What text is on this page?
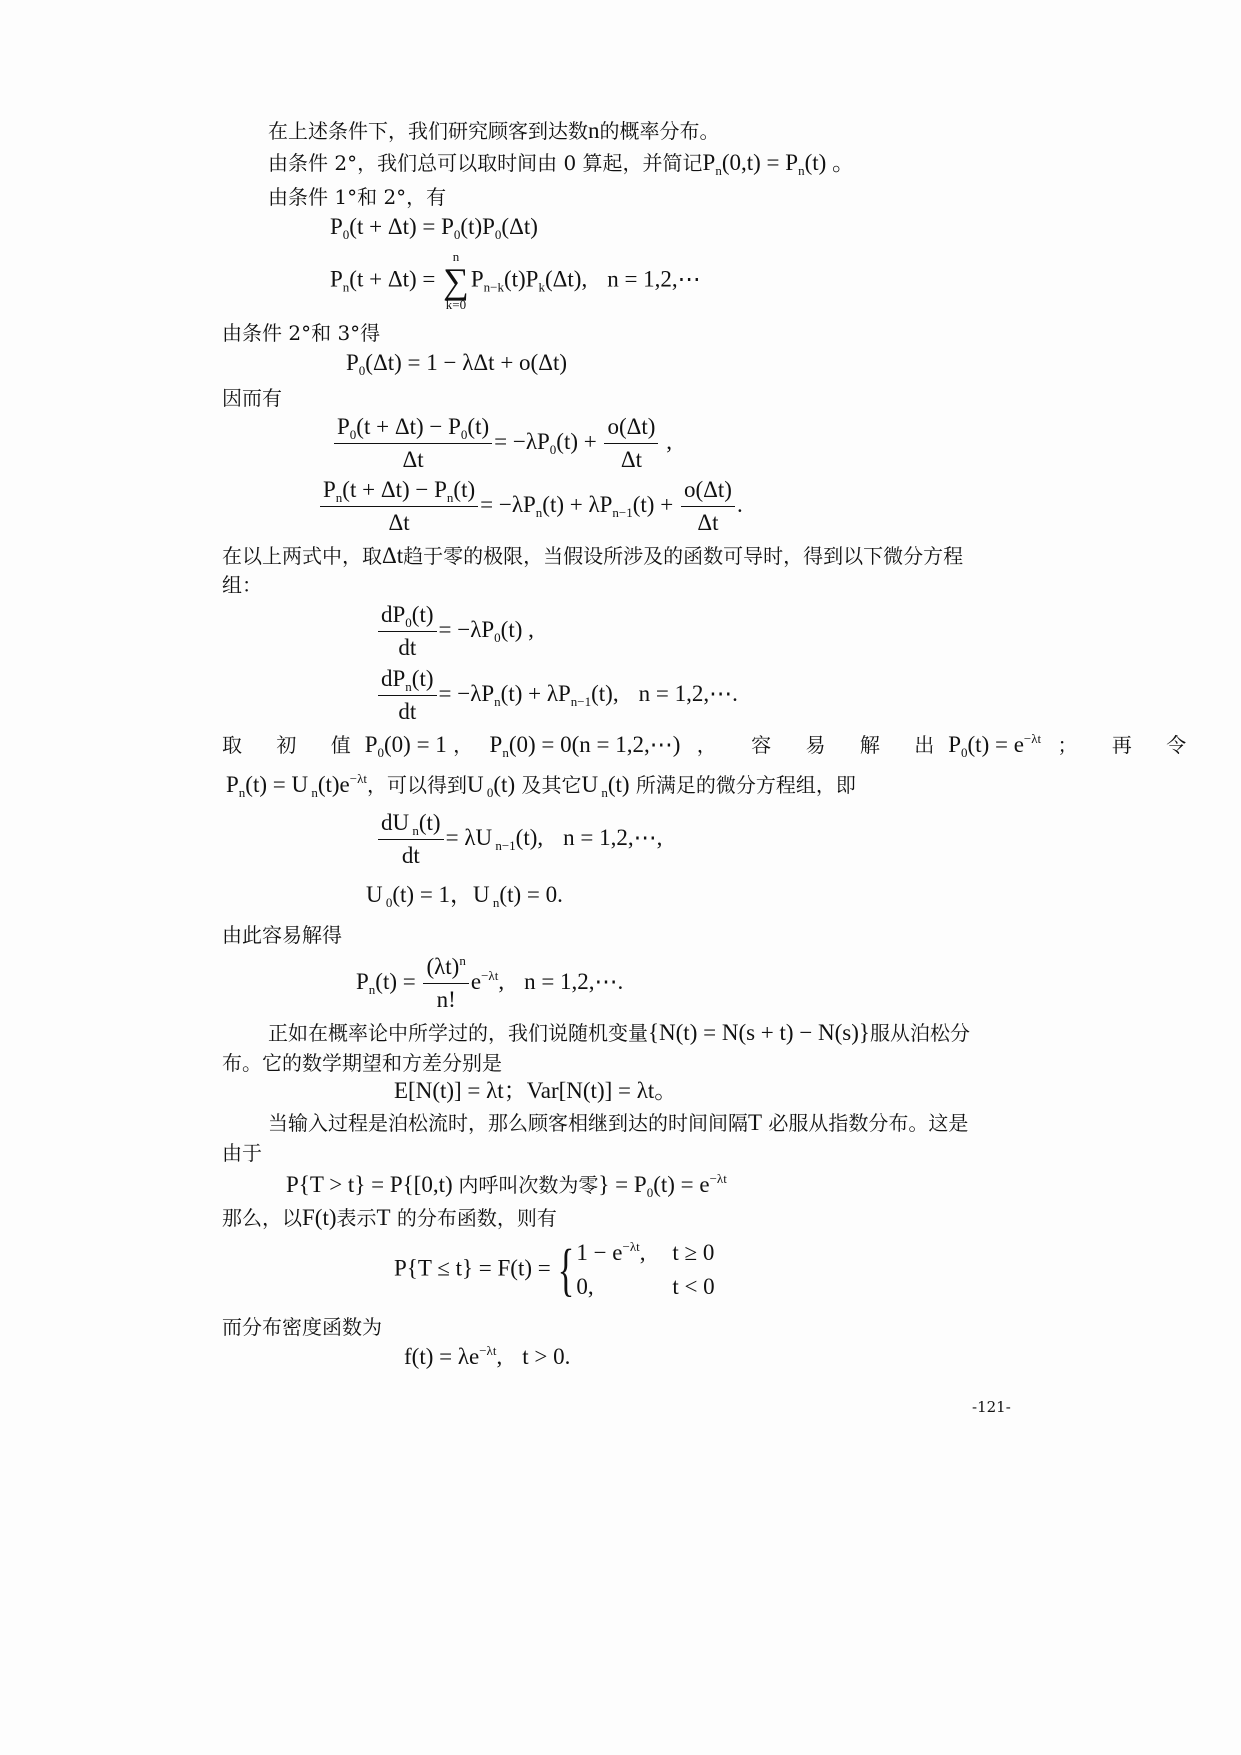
在上述条件下，我们研究顾客到达数n的概率分布。
由条件 2°，我们总可以取时间由 0 算起，并简记$P_n(0,t) = P_n(t)$ 。
由条件 1°和 2°，有
$P_0(t + \Delta t) = P_0(t)P_0(\Delta t)$
$P_n(t + \Delta t)$ =
n
∑
k=0
$P_{n-k}(t)P_k(\Delta t)$, n = 1,2,⋯
由条件 2°和 3°得
$P_0(\Delta t) = 1 - \lambda\Delta t + o(\Delta t)$
因而有
$\frac{P_0(t + \Delta t) - P_0(t)}{\Delta t} = -\lambda P_0(t) + \frac{o(\Delta t)}{\Delta t}$ ,
$\frac{P_n(t + \Delta t) - P_n(t)}{\Delta t} = -\lambda P_n(t) + \lambda P_{n-1}(t) + \frac{o(\Delta t)}{\Delta t}$ .
在以上两式中，取Δt趋于零的极限，当假设所涉及的函数可导时，得到以下微分方程
组：
$\frac{dP_0(t)}{dt} = -\lambda P_0(t)$ ,
$\frac{dP_n(t)}{dt} = -\lambda P_n(t) + \lambda P_{n-1}(t)$, n = 1,2,⋯.
取 初 值$P_0(0) = 1$ ， $P_n(0) = 0(n$ = 1,2,⋯) ， 容 易 解 出$P_0(t) = e^{-\lambda t}$ ； 再 令
$P_n(t) = U$ $_n(t)e^{-\lambda t}$，可以得到U $_0$(t) 及其它U $_n$(t) 所满足的微分方程组，即
$\frac{dU _n(t)}{dt} = \lambda U$ $_{n-1}$(t), n = 1,2,⋯,
U $_0$(t) = 1，U $_n$(t) = 0.
由此容易解得
$P_n(t) = \frac{(\lambda t)^n}{n!} e^{-\lambda t}$, n = 1,2,⋯.
正如在概率论中所学过的，我们说随机变量{N(t) = N(s + t) − N(s)}服从泊松分
布。它的数学期望和方差分别是
E[N(t)] = λt；Var[N(t)] = λt。
当输入过程是泊松流时，那么顾客相继到达的时间间隔T 必服从指数分布。这是
由于
P{T > t} = P{[0,t) 内呼叫次数为零} = $P_0(t) = e^{-\lambda t}$
那么，以F(t)表示T 的分布函数，则有
P{T ≤ t} = F(t) = { $1 - e^{-\lambda t}$, t ≥ 0
0,	t < 0
而分布密度函数为
$f(t) = \lambda e^{-\lambda t}$, t > 0.
-121-
